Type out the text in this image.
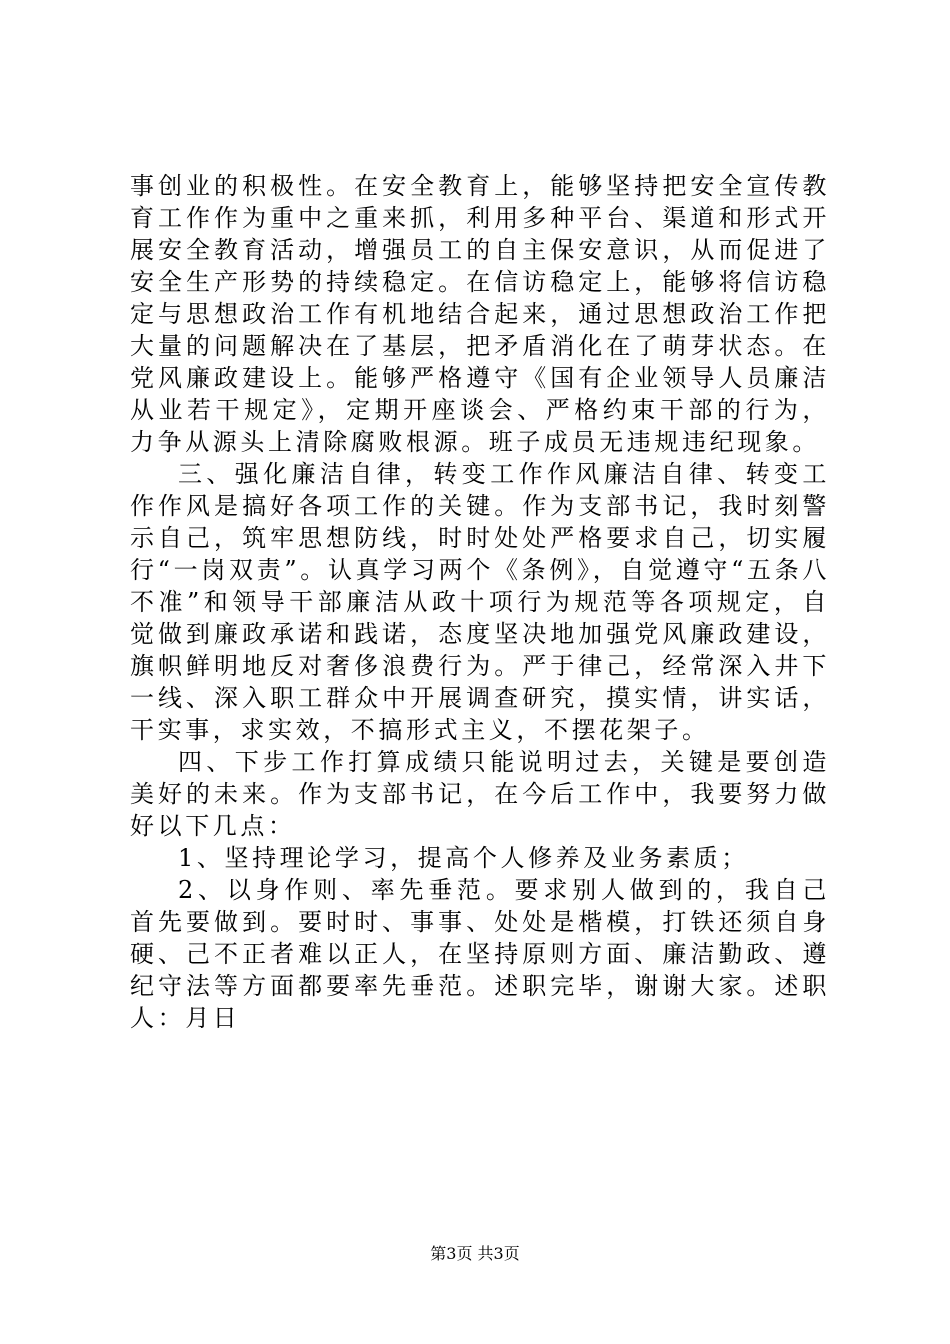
事创业的积极性。在安全教育上，能够坚持把安全宣传教育工作作为重中之重来抓，利用多种平台、渠道和形式开展安全教育活动，增强员工的自主保安意识，从而促进了安全生产形势的持续稳定。在信访稳定上，能够将信访稳定与思想政治工作有机地结合起来，通过思想政治工作把大量的问题解决在了基层，把矛盾消化在了萌芽状态。在党风廉政建设上。能够严格遵守《国有企业领导人员廉洁从业若干规定》，定期开座谈会、严格约束干部的行为，力争从源头上清除腐败根源。班子成员无违规违纪现象。

三、强化廉洁自律，转变工作作风廉洁自律、转变工作作风是搞好各项工作的关键。作为支部书记，我时刻警示自己，筑牢思想防线，时时处处严格要求自己，切实履行“一岗双责”。认真学习两个《条例》，自觉遵守“五条八不准”和领导干部廉洁从政十项行为规范等各项规定，自觉做到廉政承诺和践诺，态度坚决地加强党风廉政建设，旗帜鲜明地反对奢侈浪费行为。严于律己，经常深入井下一线、深入职工群众中开展调查研究，摸实情，讲实话，干实事，求实效，不搞形式主义，不摆花架子。

四、下步工作打算成绩只能说明过去，关键是要创造美好的未来。作为支部书记，在今后工作中，我要努力做好以下几点：

1、坚持理论学习，提高个人修养及业务素质；

2、以身作则、率先垂范。要求别人做到的，我自己首先要做到。要时时、事事、处处是楷模，打铁还须自身硬、己不正者难以正人，在坚持原则方面、廉洁勤政、遵纪守法等方面都要率先垂范。述职完毕，谢谢大家。述职人：月日

第3页 共3页
